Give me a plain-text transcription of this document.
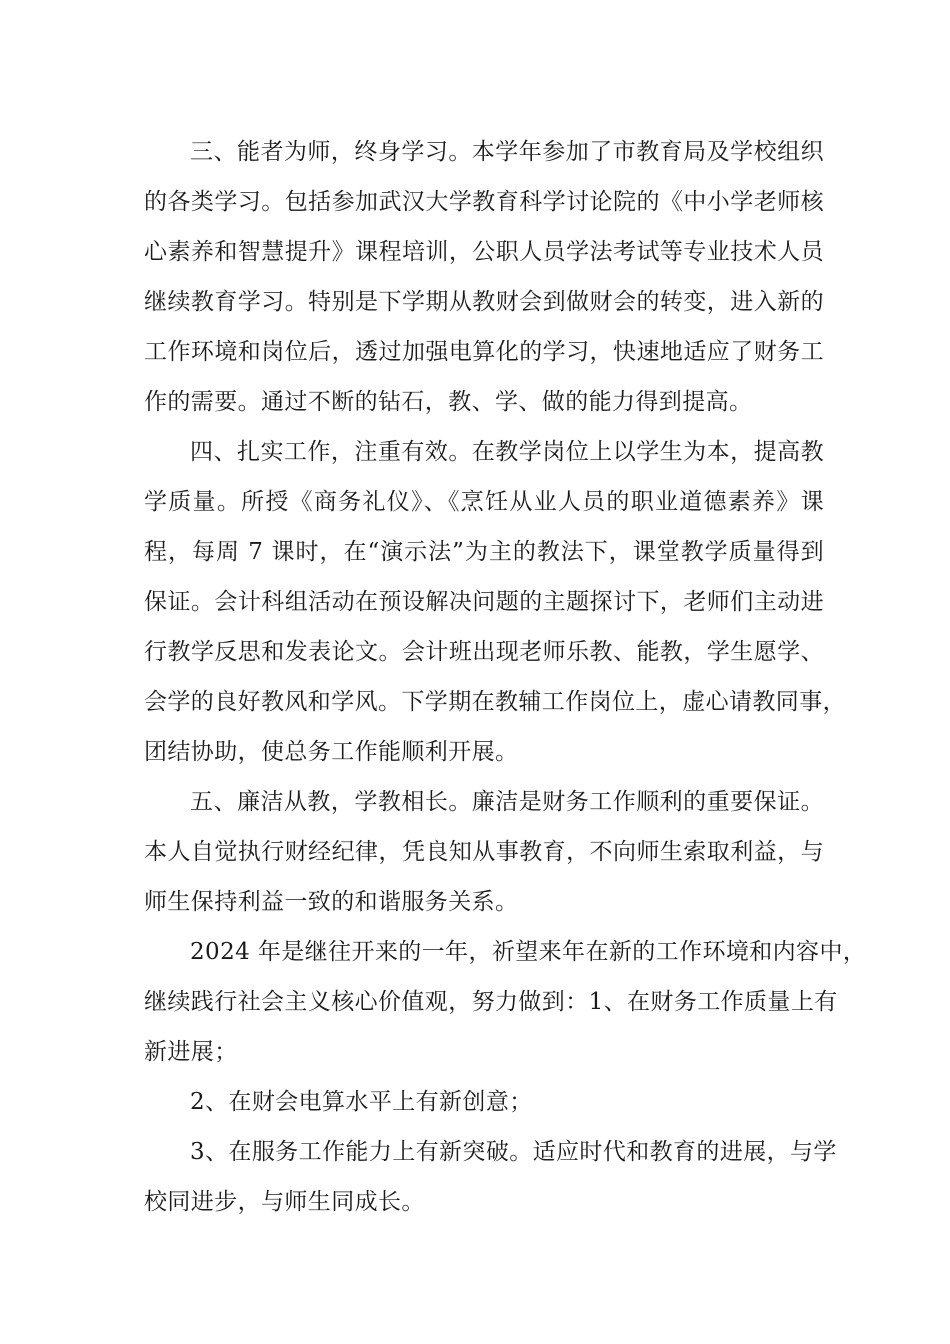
三、能者为师，终身学习。本学年参加了市教育局及学校组织
的各类学习。包括参加武汉大学教育科学讨论院的《中小学老师核
心素养和智慧提升》课程培训，公职人员学法考试等专业技术人员
继续教育学习。特别是下学期从教财会到做财会的转变，进入新的
工作环境和岗位后，透过加强电算化的学习，快速地适应了财务工
作的需要。通过不断的钻石，教、学、做的能力得到提高。
四、扎实工作，注重有效。在教学岗位上以学生为本，提高教
学质量。所授《商务礼仪》、《烹饪从业人员的职业道德素养》课
程，每周 7 课时，在“演示法”为主的教法下，课堂教学质量得到
保证。会计科组活动在预设解决问题的主题探讨下，老师们主动进
行教学反思和发表论文。会计班出现老师乐教、能教，学生愿学、
会学的良好教风和学风。下学期在教辅工作岗位上，虚心请教同事，
团结协助，使总务工作能顺利开展。
五、廉洁从教，学教相长。廉洁是财务工作顺利的重要保证。
本人自觉执行财经纪律，凭良知从事教育，不向师生索取利益，与
师生保持利益一致的和谐服务关系。
2024 年是继往开来的一年，祈望来年在新的工作环境和内容中，
继续践行社会主义核心价值观，努力做到：1、在财务工作质量上有
新进展；
2、在财会电算水平上有新创意；
3、在服务工作能力上有新突破。适应时代和教育的进展，与学
校同进步，与师生同成长。
